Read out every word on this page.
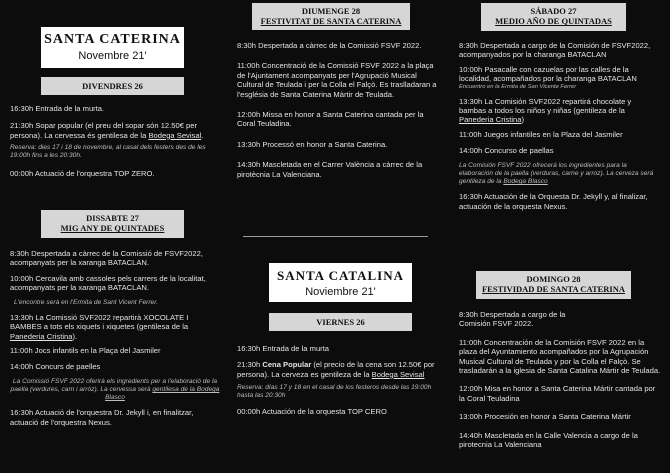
SANTA CATERINA
Novembre 21'
DIVENDRES 26
16:30h Entrada de la murta.
21:30h Sopar popular (el preu del sopar són 12.50€ per persona). La cervessa és gentilesa de la Bodega Sevisal.
Reserva: dies 17 i 18 de novembre, al casal dels festers des de les 19:00h fins a les 20:30h.
00:00h Actuació de l'orquestra TOP ZERO.
DISSABTE 27
MIG ANY DE QUINTADES
8:30h Despertada a càrrec de la Comissió de FSVF2022, acompanyats per la xaranga BATACLAN.
10:00h Cercavila amb cassoles pels carrers de la localitat, acompanyats per la xaranga BATACLAN.
L'encontre serà en l'Ermita de Sant Vicent Ferrer.
13:30h La Comissió SVF2022 repartirà XOCOLATE I BAMBES a tots els xiquets i xiquetes (gentilesa de la Panederia Cristina).
11:00h Jocs infantils en la Plaça del Jasmiler
14:00h Concurs de paelles
La Comissió FSVF 2022 oferirà els ingredients per a l'elaboració de la paella (verdures, carn i arròz). La cervessa serà gentilesa de la Bodega Blasco
16:30h Actuació de l'orquestra Dr. Jekyll i, en finalitzar, actuació de l'orquestra Nexus.
DIUMENGE 28
FESTIVITAT DE SANTA CATERINA
8:30h Despertada a càrrec de la Comissió FSVF 2022.
11:00h Concentració de la Comissió FSVF 2022 a la plaça de l'Ajuntament acompanyats per l'Agrupació Musical Cultural de Teulada i per la Colla el Falçò. Es traslladaran a l'església de Santa Caterina Màrtir de Teulada.
12:00h Missa en honor a Santa Caterina cantada per la Coral Teuladina.
13:30h Processó en honor a Santa Caterina.
14:30h Mascletada en el Carrer València a càrrec de la pirotècnia La Valenciana.
SANTA CATALINA
Noviembre 21'
VIERNES 26
16:30h Entrada de la murta
21:30h Cena Popular (el precio de la cena son 12.50€ por persona). La cerveza es gentileza de la Bodega Sevisal
Reserva: días 17 y 18 en el casal de los festeros desde las 19:00h hasta las 20:30h
00:00h Actuación de la orquesta TOP CERO
SÁBADO 27
MEDIO AÑO DE QUINTADAS
8:30h Despertada a cargo de la Comisión de FSVF2022, acompanyados por la charanga BATACLAN
10:00h Pasacalle con cazuelas por las calles de la localidad, acompañados por la charanga BATACLAN
Encuentro en la Ermita de San Vicente Ferrer
13:30h La Comisión SVF2022 repartirá chocolate y bambas a todos los niños y niñas (gentileza de la Panederia Cristina)
11:00h Juegos infantiles en la Plaza del Jasmiler
14:00h Concurso de paellas
La Comisión FSVF 2022 ofrecerá los ingredientes para la elaboración de la paella (verduras, carne y arroz). La cerveza será gentileza de la Bodega Blasco
16:30h Actuación de la Orquesta Dr. Jekyll y, al finalizar, actuación de la orquesta Nexus.
DOMINGO 28
FESTIVIDAD DE SANTA CATERINA
8:30h Despertada a cargo de la Comisión FSVF 2022.
11:00h Concentración de la Comisión FSVF 2022 en la plaza del Ayuntamiento acompañados por la Agrupación Musical Cultural de Teulada y por la Colla el Falçò. Se trasladarán a la iglesia de Santa Catalina Mártir de Teulada.
12:00h Misa en honor a Santa Caterina Mártir cantada por la Coral Teuladina
13:00h Procesión en honor a Santa Caterina Mártir
14:40h Mascletada en la Calle Valencia a cargo de la pirotecnia La Valenciana
